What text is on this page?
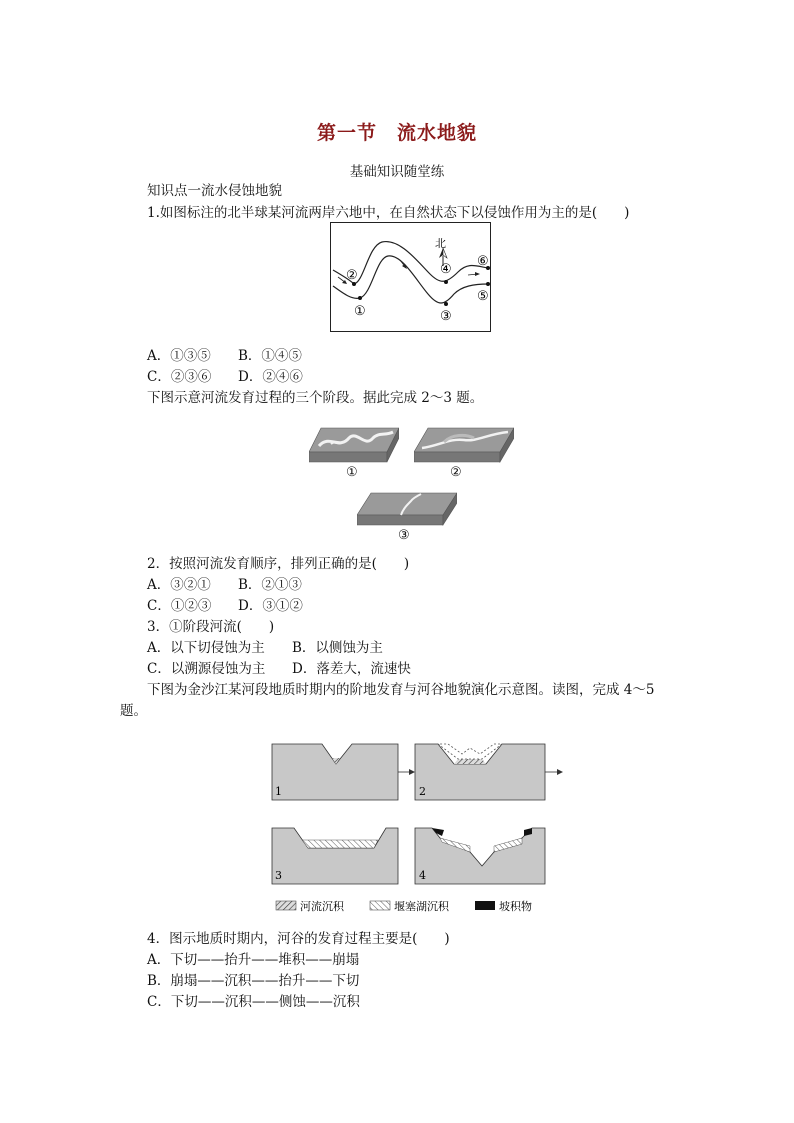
第一节　流水地貌
基础知识随堂练
知识点一流水侵蚀地貌
1.如图标注的北半球某河流两岸六地中，在自然状态下以侵蚀作用为主的是(　　)
北
①
②
③
④
⑤
⑥
A．①③⑤ B．①④⑤
C．②③⑥ D．②④⑥
下图示意河流发育过程的三个阶段。据此完成 2～3 题。
①	②
③
2．按照河流发育顺序，排列正确的是(　　)
A．③②① B．②①③
C．①②③ D．③①②
3．①阶段河流(　　)
A．以下切侵蚀为主 B．以侧蚀为主
C．以溯源侵蚀为主 D．落差大，流速快
下图为金沙江某河段地质时期内的阶地发育与河谷地貌演化示意图。读图，完成 4～5
题。
1	2
3	4
河流沉积	堰塞湖沉积	坡积物
4．图示地质时期内，河谷的发育过程主要是(　　)
A．下切——抬升——堆积——崩塌
B．崩塌——沉积——抬升——下切
C．下切——沉积——侧蚀——沉积
